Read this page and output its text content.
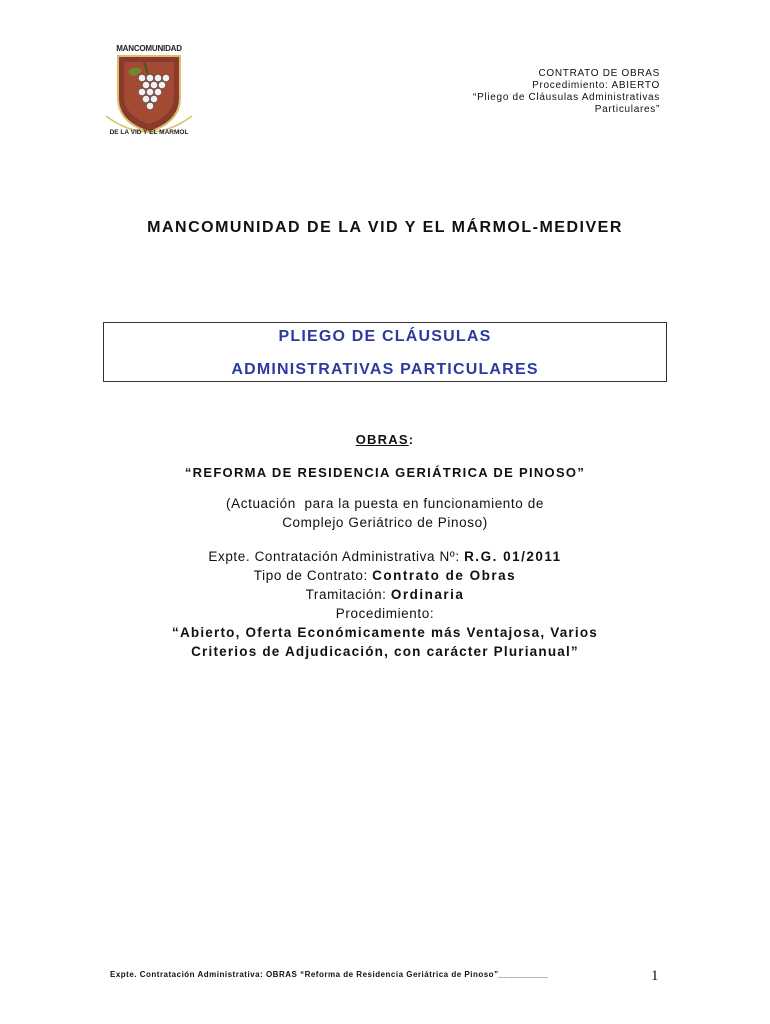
MANCOMUNIDAD
DE LA VID Y EL MARMOL
CONTRATO DE OBRAS
Procedimiento: ABIERTO
“Pliego de Cláusulas Administrativas
Particulares”
MANCOMUNIDAD DE LA VID Y EL MÁRMOL-MEDIVER
PLIEGO DE CLÁUSULAS
ADMINISTRATIVAS PARTICULARES
OBRAS:
“REFORMA DE RESIDENCIA GERIÁTRICA DE PINOSO”
(Actuación  para la puesta en funcionamiento de
Complejo Geriátrico de Pinoso)
Expte. Contratación Administrativa Nº: R.G. 01/2011
Tipo de Contrato: Contrato de Obras
Tramitación: Ordinaria
Procedimiento:
“Abierto, Oferta Económicamente más Ventajosa, Varios
Criterios de Adjudicación, con carácter Plurianual”
Expte. Contratación Administrativa: OBRAS “Reforma de Residencia Geriátrica de Pinoso”__________	1
